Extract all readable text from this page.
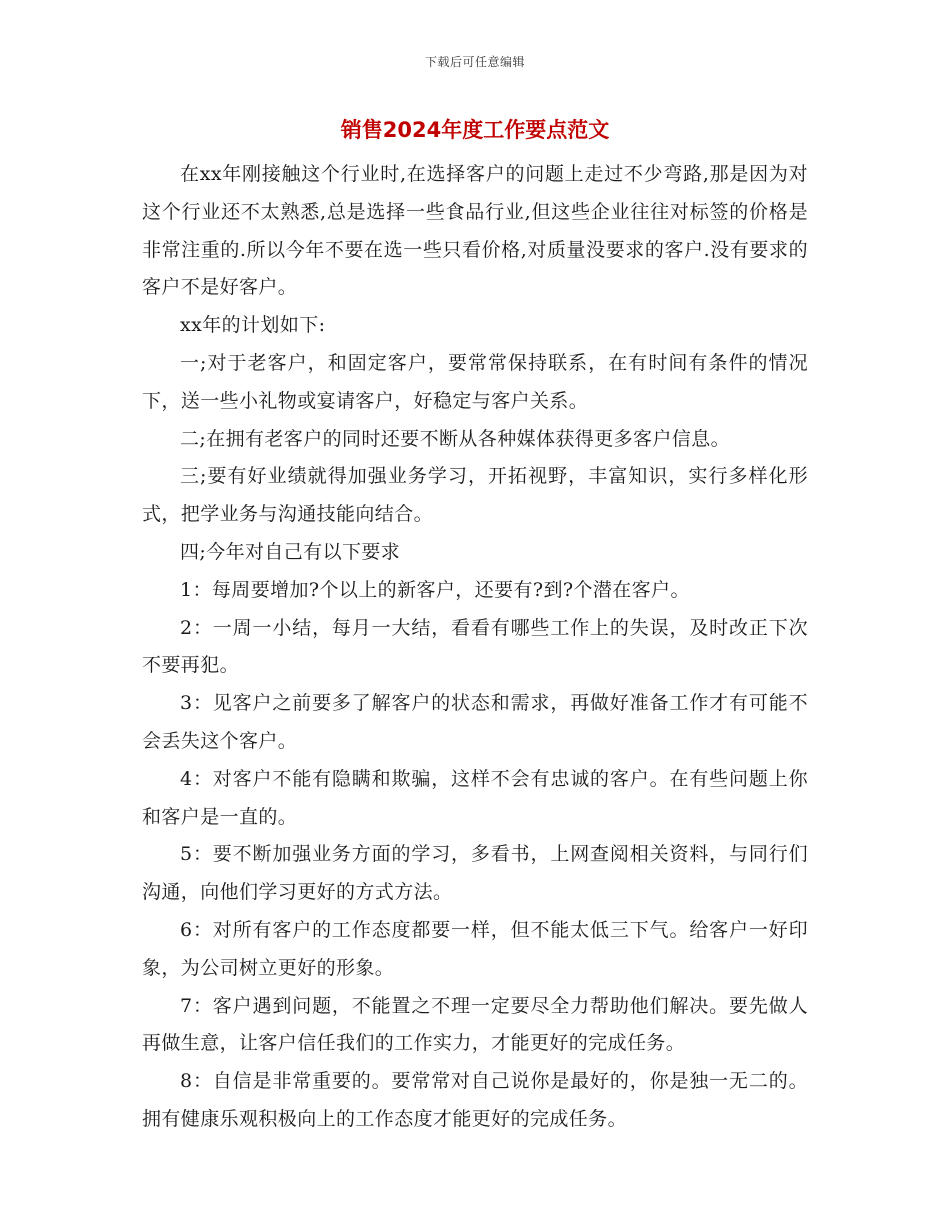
下载后可任意编辑
销售2024年度工作要点范文

在xx年刚接触这个行业时,在选择客户的问题上走过不少弯路,那是因为对这个行业还不太熟悉,总是选择一些食品行业,但这些企业往往对标签的价格是非常注重的.所以今年不要在选一些只看价格,对质量没要求的客户.没有要求的客户不是好客户。

xx年的计划如下:

一;对于老客户，和固定客户，要常常保持联系，在有时间有条件的情况下，送一些小礼物或宴请客户，好稳定与客户关系。

二;在拥有老客户的同时还要不断从各种媒体获得更多客户信息。

三;要有好业绩就得加强业务学习，开拓视野，丰富知识，实行多样化形式，把学业务与沟通技能向结合。

四;今年对自己有以下要求

1：每周要增加?个以上的新客户，还要有?到?个潜在客户。

2：一周一小结，每月一大结，看看有哪些工作上的失误，及时改正下次不要再犯。

3：见客户之前要多了解客户的状态和需求，再做好准备工作才有可能不会丢失这个客户。

4：对客户不能有隐瞒和欺骗，这样不会有忠诚的客户。在有些问题上你和客户是一直的。

5：要不断加强业务方面的学习，多看书，上网查阅相关资料，与同行们沟通，向他们学习更好的方式方法。

6：对所有客户的工作态度都要一样，但不能太低三下气。给客户一好印象，为公司树立更好的形象。

7：客户遇到问题，不能置之不理一定要尽全力帮助他们解决。要先做人再做生意，让客户信任我们的工作实力，才能更好的完成任务。

8：自信是非常重要的。要常常对自己说你是最好的，你是独一无二的。拥有健康乐观积极向上的工作态度才能更好的完成任务。
